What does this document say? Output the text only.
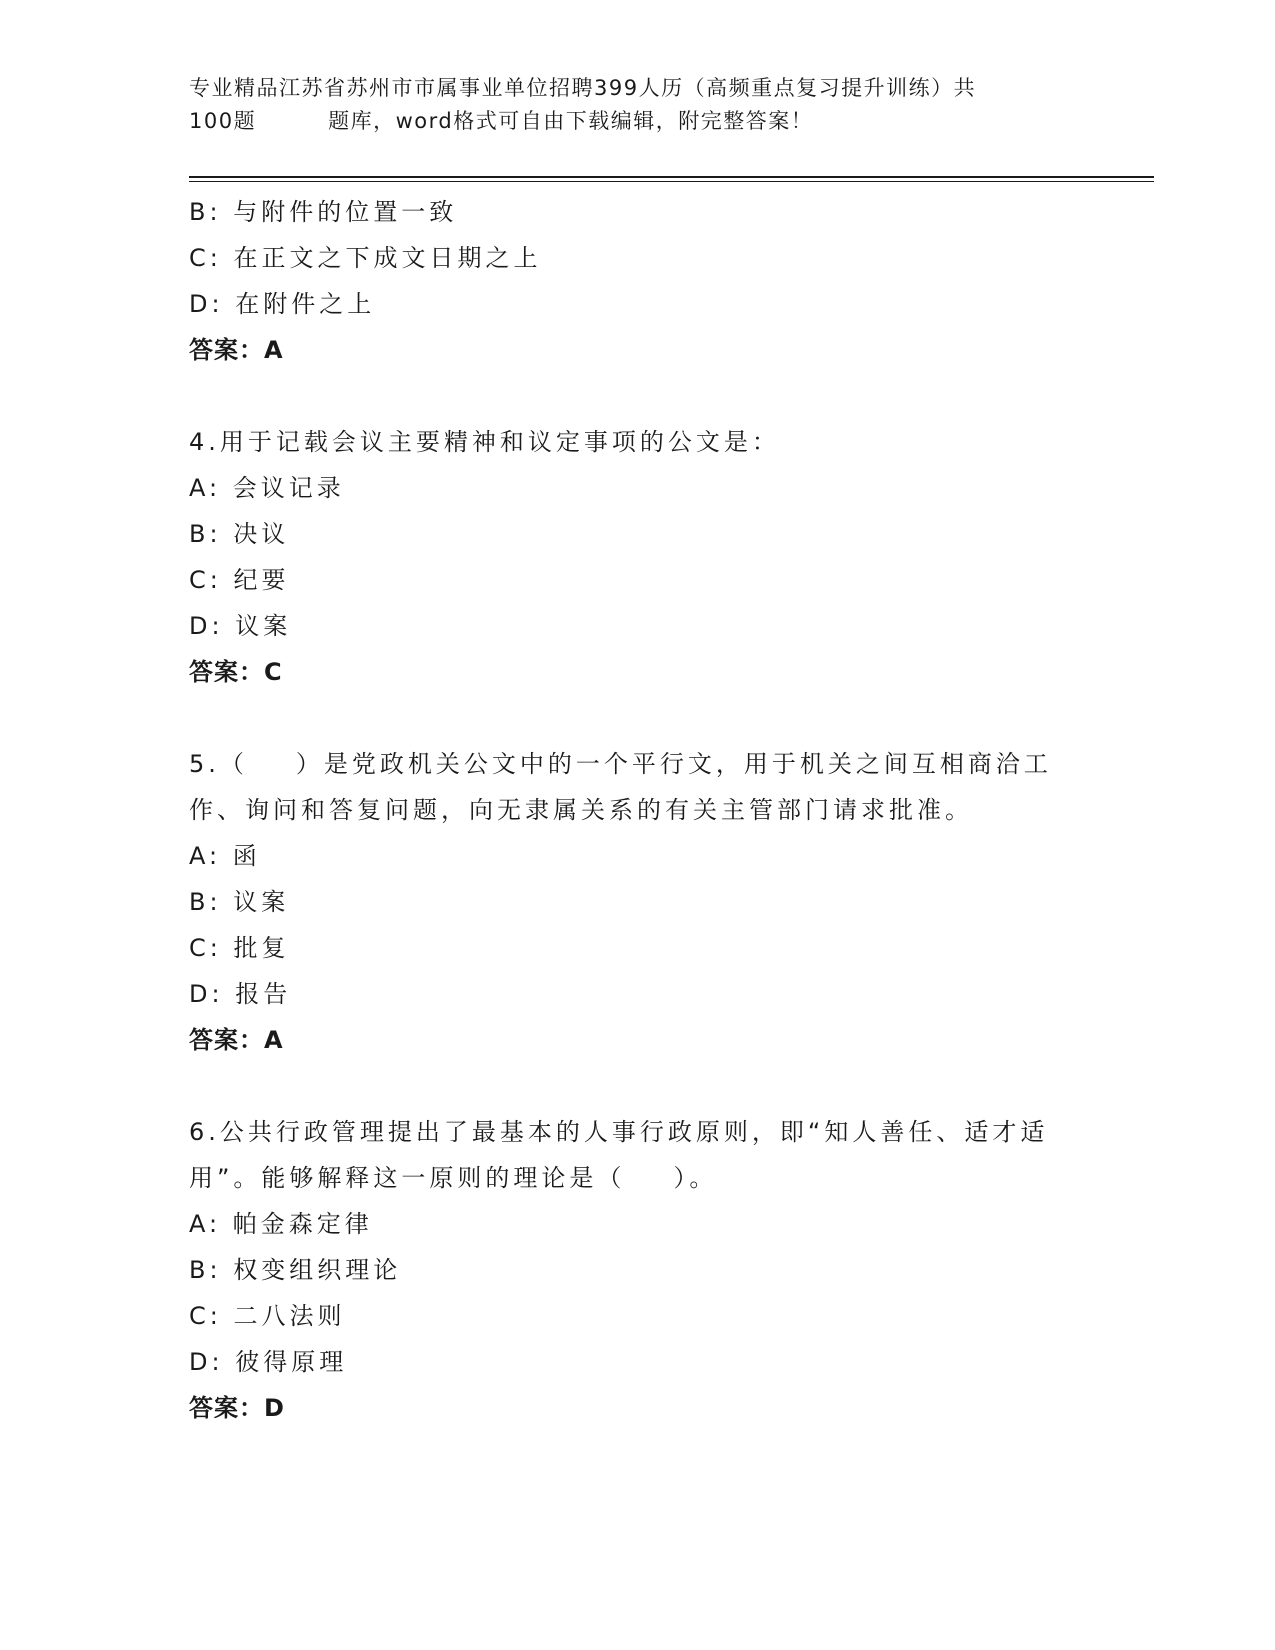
专业精品江苏省苏州市市属事业单位招聘399人历（高频重点复习提升训练）共
100题	题库，word格式可自由下载编辑，附完整答案！
B: 与附件的位置一致
C: 在正文之下成文日期之上
D: 在附件之上
答案：A
4.用于记载会议主要精神和议定事项的公文是：
A: 会议记录
B: 决议
C: 纪要
D: 议案
答案：C
5.（ ）是党政机关公文中的一个平行文，用于机关之间互相商洽工作、询问和答复问题，向无隶属关系的有关主管部门请求批准。
A: 函
B: 议案
C: 批复
D: 报告
答案：A
6.公共行政管理提出了最基本的人事行政原则，即“知人善任、适才适用”。能够解释这一原则的理论是（ ）。
A: 帕金森定律
B: 权变组织理论
C: 二八法则
D: 彼得原理
答案：D
